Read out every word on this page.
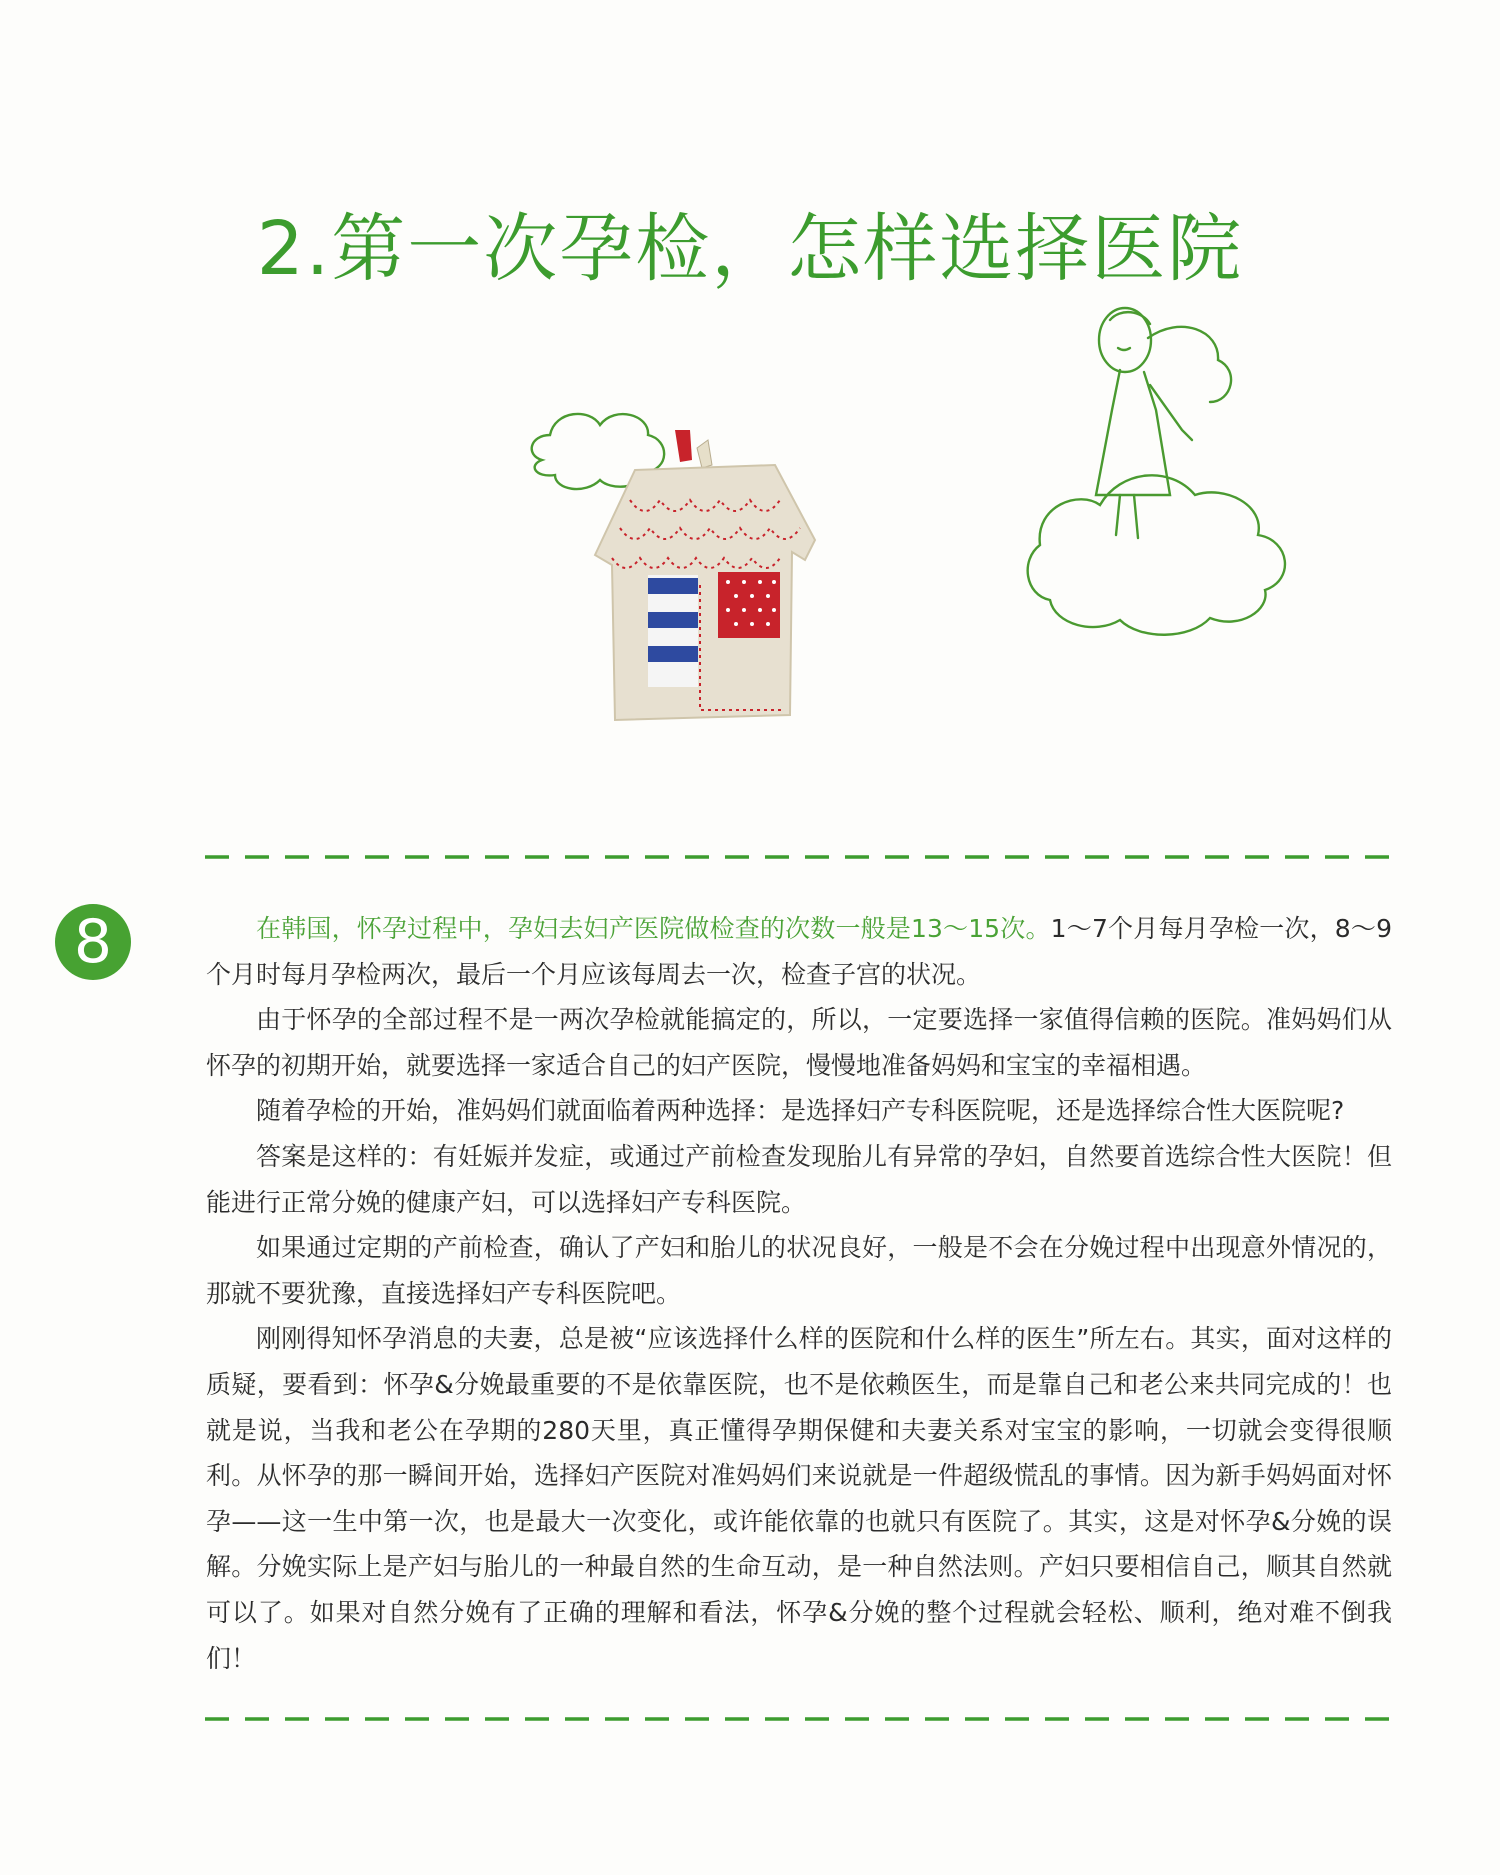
2.第一次孕检，怎样选择医院
8	在韩国，怀孕过程中，孕妇去妇产医院做检查的次数一般是13～15次。1～7个月每月孕检一次，8～9个月时每月孕检两次，最后一个月应该每周去一次，检查子宫的状况。

由于怀孕的全部过程不是一两次孕检就能搞定的，所以，一定要选择一家值得信赖的医院。准妈妈们从怀孕的初期开始，就要选择一家适合自己的妇产医院，慢慢地准备妈妈和宝宝的幸福相遇。

随着孕检的开始，准妈妈们就面临着两种选择：是选择妇产专科医院呢，还是选择综合性大医院呢?

答案是这样的：有妊娠并发症，或通过产前检查发现胎儿有异常的孕妇，自然要首选综合性大医院！但能进行正常分娩的健康产妇，可以选择妇产专科医院。

如果通过定期的产前检查，确认了产妇和胎儿的状况良好，一般是不会在分娩过程中出现意外情况的，那就不要犹豫，直接选择妇产专科医院吧。

刚刚得知怀孕消息的夫妻，总是被“应该选择什么样的医院和什么样的医生”所左右。其实，面对这样的质疑，要看到：怀孕&分娩最重要的不是依靠医院，也不是依赖医生，而是靠自己和老公来共同完成的！也就是说，当我和老公在孕期的280天里，真正懂得孕期保健和夫妻关系对宝宝的影响，一切就会变得很顺利。从怀孕的那一瞬间开始，选择妇产医院对准妈妈们来说就是一件超级慌乱的事情。因为新手妈妈面对怀孕——这一生中第一次，也是最大一次变化，或许能依靠的也就只有医院了。其实，这是对怀孕&分娩的误解。分娩实际上是产妇与胎儿的一种最自然的生命互动，是一种自然法则。产妇只要相信自己，顺其自然就可以了。如果对自然分娩有了正确的理解和看法，怀孕&分娩的整个过程就会轻松、顺利，绝对难不倒我们！
